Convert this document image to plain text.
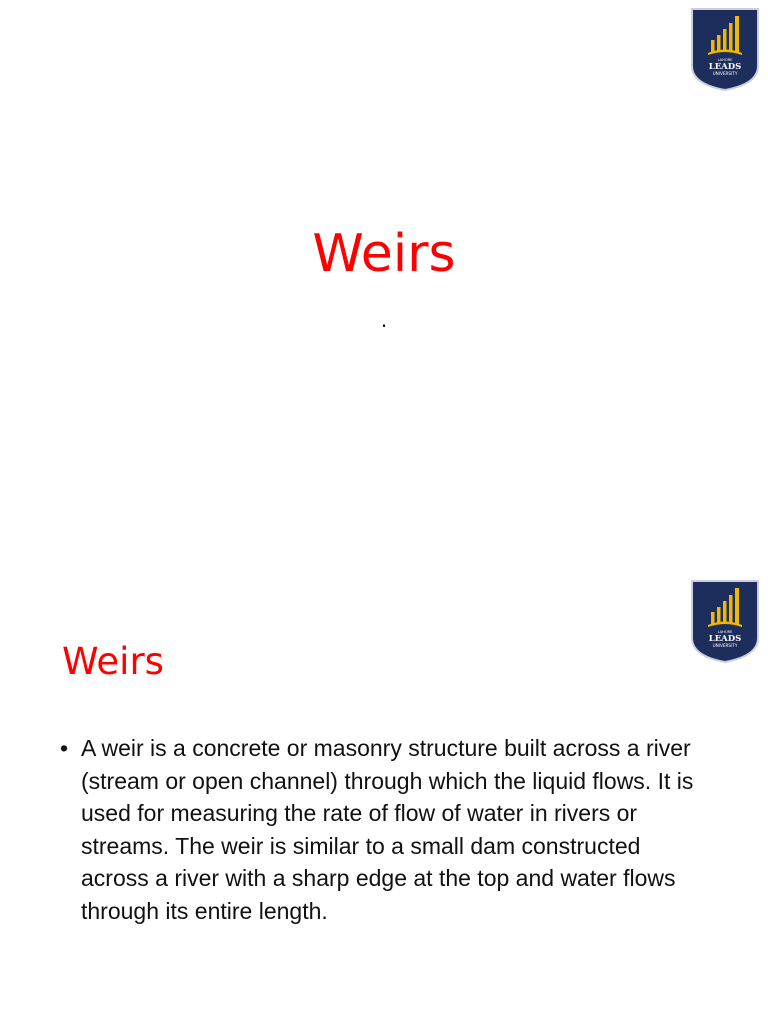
LAHORE
LEADS
UNIVERSITY
Weirs
.
LAHORE
LEADS
UNIVERSITY
Weirs
• A weir is a concrete or masonry structure built across a river (stream or open channel) through which the liquid flows. It is used for measuring the rate of flow of water in rivers or streams. The weir is similar to a small dam constructed across a river with a sharp edge at the top and water flows through its entire length.
